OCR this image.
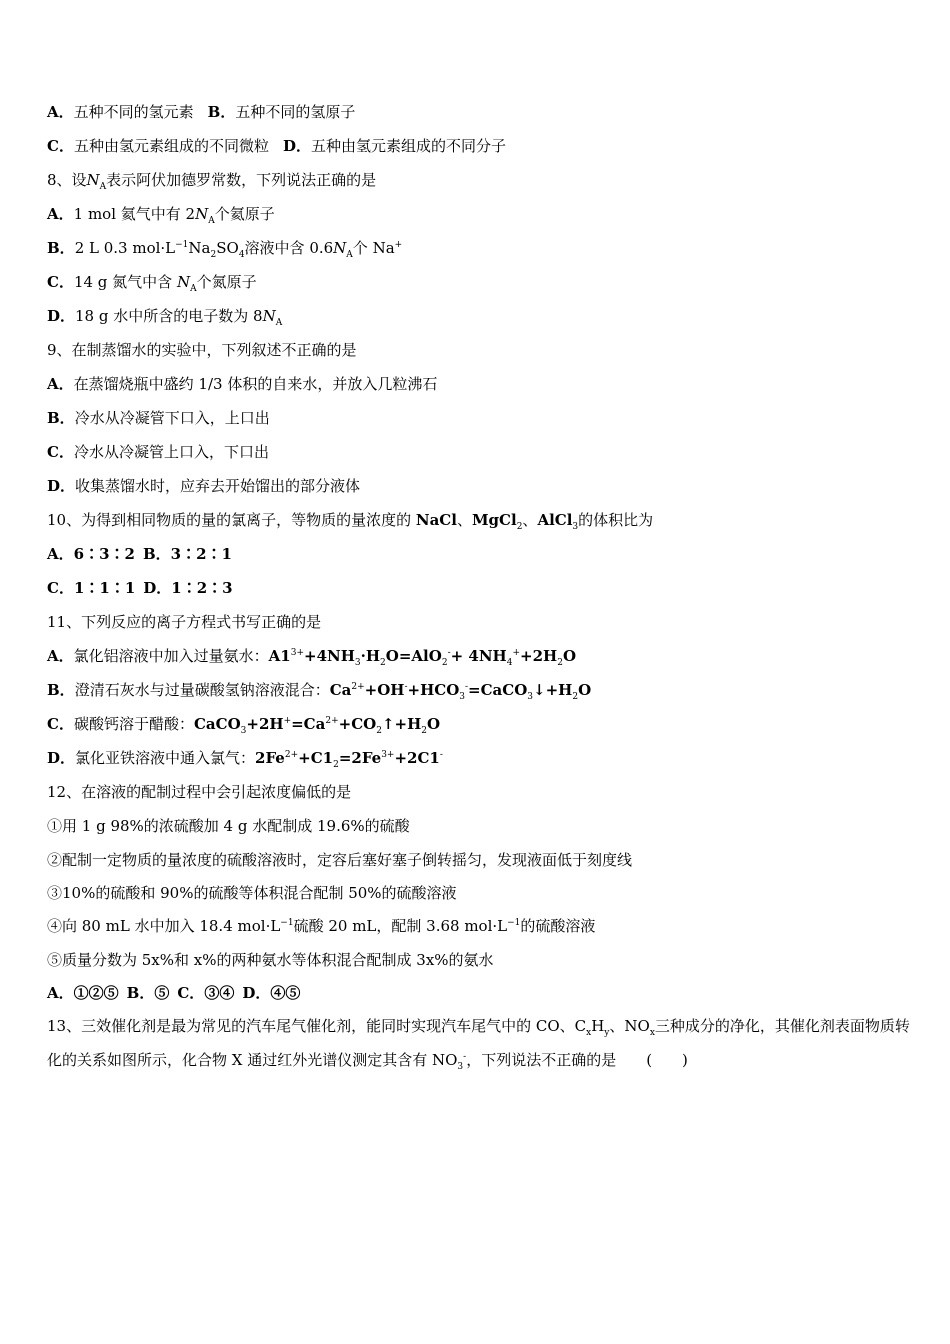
A．五种不同的氢元素 B．五种不同的氢原子
C．五种由氢元素组成的不同微粒 D．五种由氢元素组成的不同分子
8、设$N_A$表示阿伏加德罗常数，下列说法正确的是
A．1 mol 氦气中有 $2N_A$个氦原子
B．2 L 0.3 $mol\cdot L^{-1}Na_2SO_4$溶液中含 $0.6N_A$个 Na+
C．14 g 氮气中含 $N_A$个氮原子
D．18 g 水中所含的电子数为 $8N_A$
9、在制蒸馏水的实验中，下列叙述不正确的是
A．在蒸馏烧瓶中盛约 1/3 体积的自来水，并放入几粒沸石
B．冷水从冷凝管下口入，上口出
C．冷水从冷凝管上口入，下口出
D．收集蒸馏水时，应弃去开始馏出的部分液体
10、为得到相同物质的量的氯离子，等物质的量浓度的 NaCl、MgCl$_2$、AlCl$_3$的体积比为
A．6∶3∶2 B．3∶2∶1
C．1∶1∶1 D．1∶2∶3
11、下列反应的离子方程式书写正确的是
A．氯化铝溶液中加入过量氨水：$A1^{3+}+4NH_3\cdot H_2O=AlO_2^-+ 4NH_4^++2H_2O$
B．澄清石灰水与过量碳酸氢钠溶液混合：$Ca^{2+}+OH^-+HCO_3^-=CaCO_3↓+H_2O$
C．碳酸钙溶于醋酸：$CaCO_3+2H^+=Ca^{2+}+CO_2↑+H_2O$
D．氯化亚铁溶液中通入氯气：$2Fe^{2+}+C1_2=2Fe^{3+}+2C1^-$
12、在溶液的配制过程中会引起浓度偏低的是
①用 1 g 98%的浓硫酸加 4 g 水配制成 19.6%的硫酸
②配制一定物质的量浓度的硫酸溶液时，定容后塞好塞子倒转摇匀，发现液面低于刻度线
③10%的硫酸和 90%的硫酸等体积混合配制 50%的硫酸溶液
④向 80 mL 水中加入 18.4 $mol\cdot L^{-1}$硫酸 20 mL，配制 3.68 $mol\cdot L^{-1}$的硫酸溶液
⑤质量分数为 5x%和 x%的两种氨水等体积混合配制成 3x%的氨水
A．①②⑤ B．⑤ C．③④ D．④⑤
13、三效催化剂是最为常见的汽车尾气催化剂，能同时实现汽车尾气中的 CO、$C_xH_y$、$NO_x$三种成分的净化，其催化剂表面物质转化的关系如图所示，化合物 X 通过红外光谱仪测定其含有 $NO_3^-$，下列说法不正确的是　　(　　)
